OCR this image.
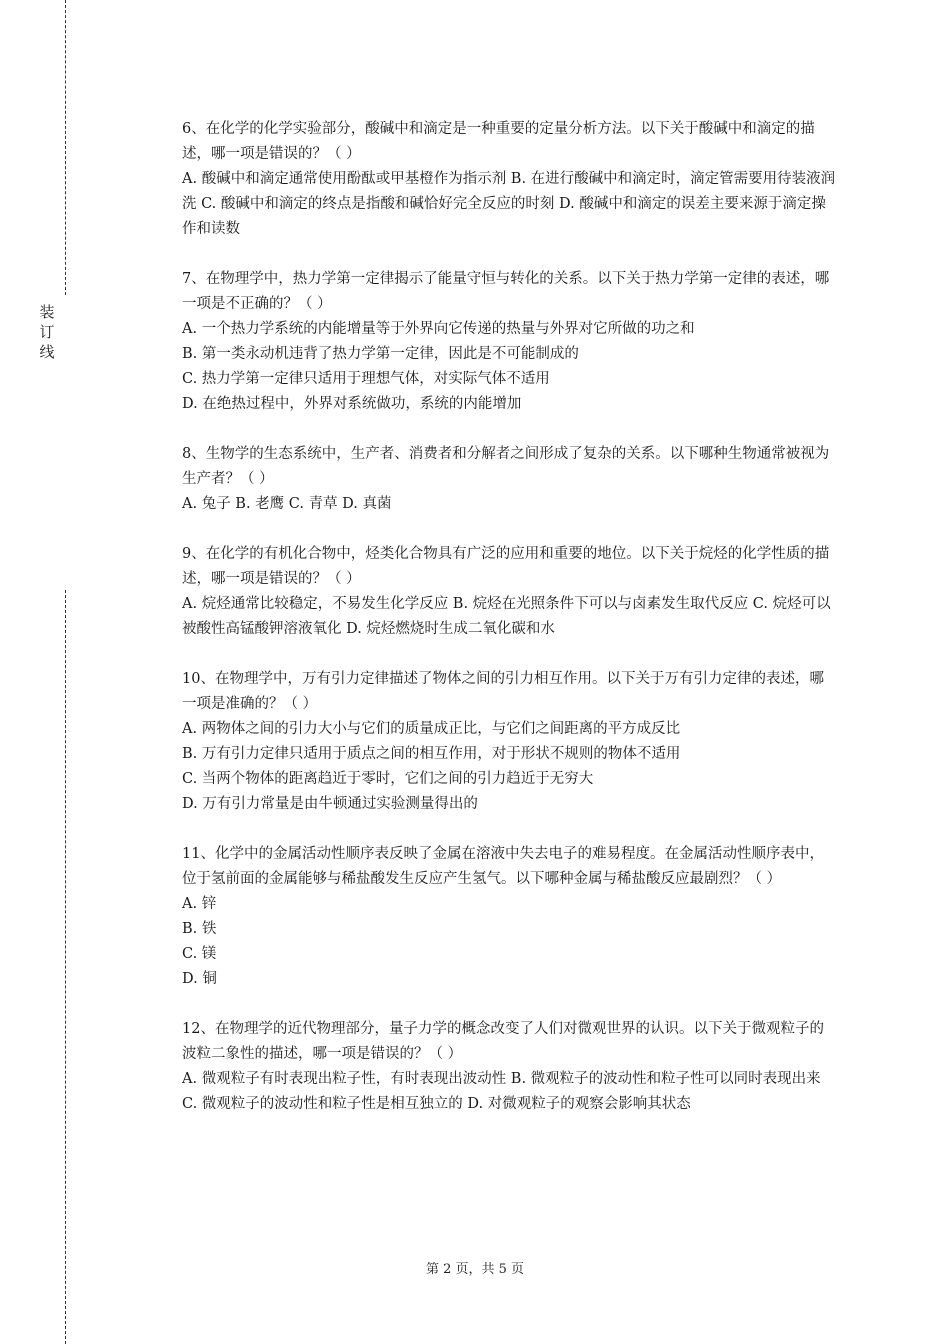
装
订
线

6、在化学的化学实验部分，酸碱中和滴定是一种重要的定量分析方法。以下关于酸碱中和滴定的描述，哪一项是错误的？（ ）

A. 酸碱中和滴定通常使用酚酞或甲基橙作为指示剂 B. 在进行酸碱中和滴定时，滴定管需要用待装液润洗 C. 酸碱中和滴定的终点是指酸和碱恰好完全反应的时刻 D. 酸碱中和滴定的误差主要来源于滴定操作和读数

7、在物理学中，热力学第一定律揭示了能量守恒与转化的关系。以下关于热力学第一定律的表述，哪一项是不正确的？（ ）

A. 一个热力学系统的内能增量等于外界向它传递的热量与外界对它所做的功之和

B. 第一类永动机违背了热力学第一定律，因此是不可能制成的

C. 热力学第一定律只适用于理想气体，对实际气体不适用

D. 在绝热过程中，外界对系统做功，系统的内能增加

8、生物学的生态系统中，生产者、消费者和分解者之间形成了复杂的关系。以下哪种生物通常被视为生产者？（ ）

A. 兔子 B. 老鹰 C. 青草 D. 真菌

9、在化学的有机化合物中，烃类化合物具有广泛的应用和重要的地位。以下关于烷烃的化学性质的描述，哪一项是错误的？（ ）

A. 烷烃通常比较稳定，不易发生化学反应 B. 烷烃在光照条件下可以与卤素发生取代反应 C. 烷烃可以被酸性高锰酸钾溶液氧化 D. 烷烃燃烧时生成二氧化碳和水

10、在物理学中，万有引力定律描述了物体之间的引力相互作用。以下关于万有引力定律的表述，哪一项是准确的？（ ）

A. 两物体之间的引力大小与它们的质量成正比，与它们之间距离的平方成反比

B. 万有引力定律只适用于质点之间的相互作用，对于形状不规则的物体不适用

C. 当两个物体的距离趋近于零时，它们之间的引力趋近于无穷大

D. 万有引力常量是由牛顿通过实验测量得出的

11、化学中的金属活动性顺序表反映了金属在溶液中失去电子的难易程度。在金属活动性顺序表中，位于氢前面的金属能够与稀盐酸发生反应产生氢气。以下哪种金属与稀盐酸反应最剧烈？（ ）

A. 锌

B. 铁

C. 镁

D. 铜

12、在物理学的近代物理部分，量子力学的概念改变了人们对微观世界的认识。以下关于微观粒子的波粒二象性的描述，哪一项是错误的？（ ）

A. 微观粒子有时表现出粒子性，有时表现出波动性 B. 微观粒子的波动性和粒子性可以同时表现出来 C. 微观粒子的波动性和粒子性是相互独立的 D. 对微观粒子的观察会影响其状态

第 2 页，共 5 页
